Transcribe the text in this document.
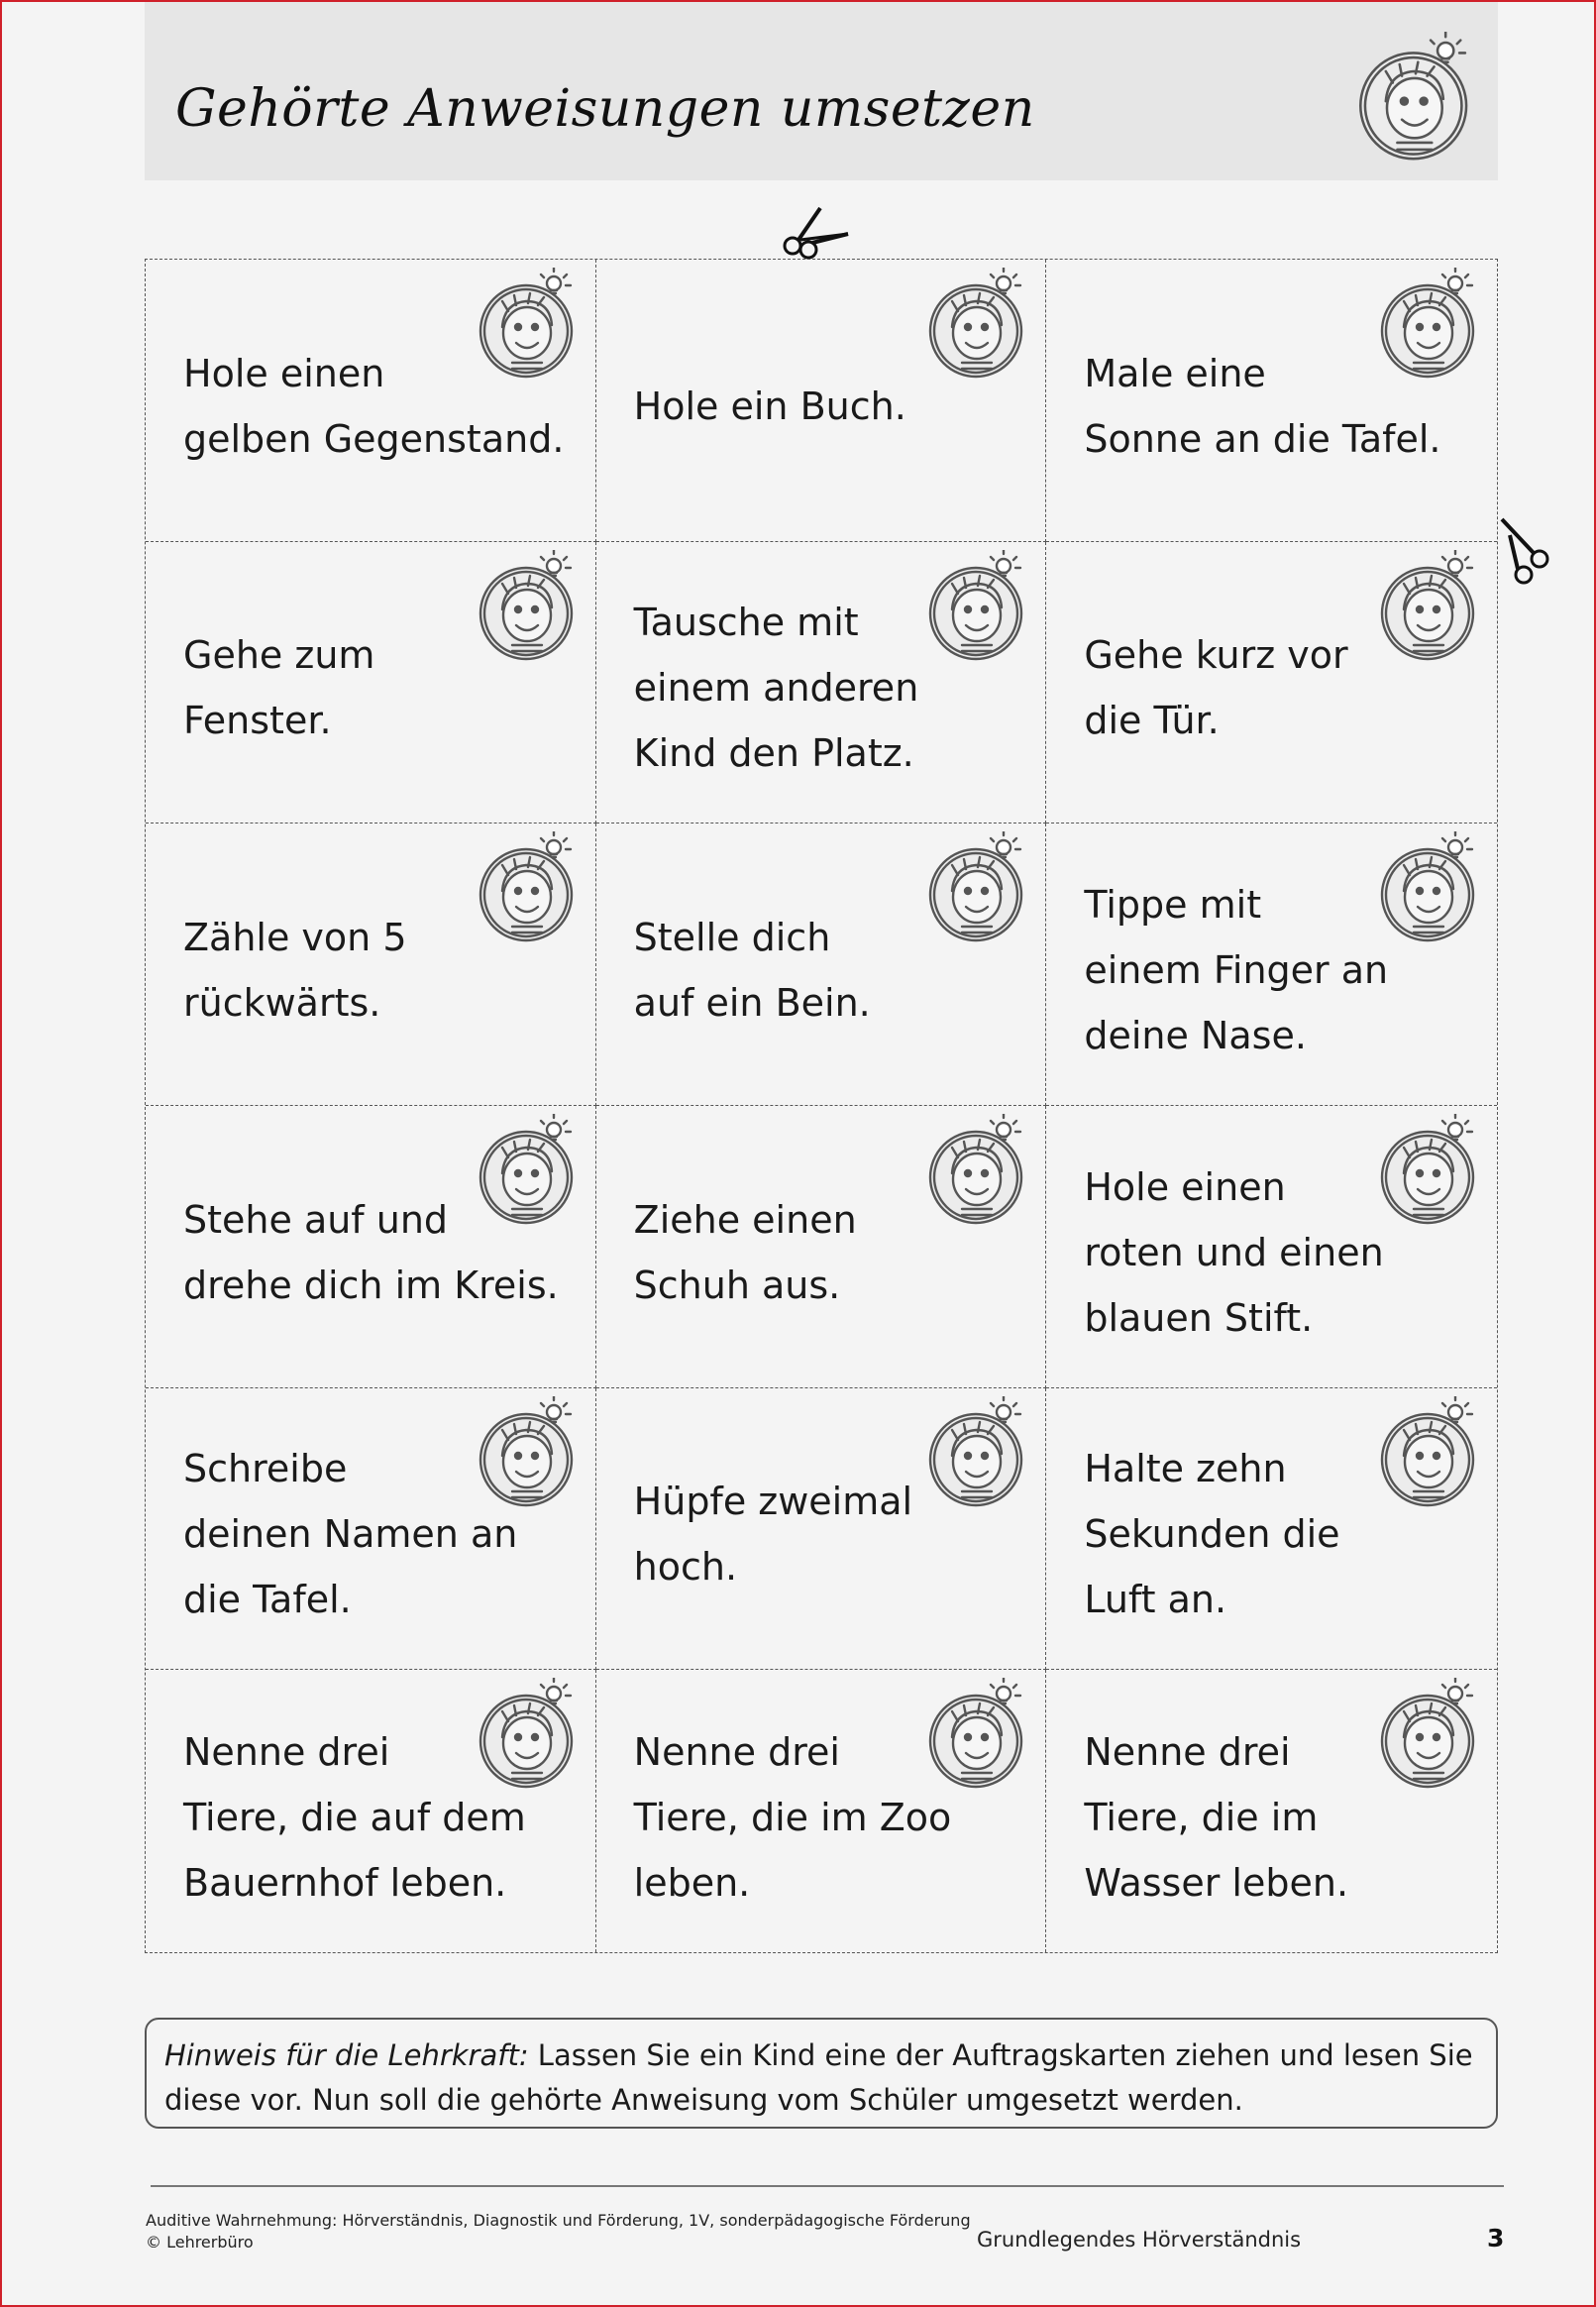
Gehörte Anweisungen umsetzen
Hole einen
gelben Gegenstand.
Hole ein Buch.
Male eine
Sonne an die Tafel.
Gehe zum
Fenster.
Tausche mit
einem anderen
Kind den Platz.
Gehe kurz vor
die Tür.
Zähle von 5
rückwärts.
Stelle dich
auf ein Bein.
Tippe mit
einem Finger an
deine Nase.
Stehe auf und
drehe dich im Kreis.
Ziehe einen
Schuh aus.
Hole einen
roten und einen
blauen Stift.
Schreibe
deinen Namen an
die Tafel.
Hüpfe zweimal
hoch.
Halte zehn
Sekunden die
Luft an.
Nenne drei
Tiere, die auf dem
Bauernhof leben.
Nenne drei
Tiere, die im Zoo
leben.
Nenne drei
Tiere, die im
Wasser leben.
Hinweis für die Lehrkraft: Lassen Sie ein Kind eine der Auftragskarten ziehen und lesen Sie diese vor. Nun soll die gehörte Anweisung vom Schüler umgesetzt werden.
Auditive Wahrnehmung: Hörverständnis, Diagnostik und Förderung, 1V, sonderpädagogische Förderung
© Lehrerbüro	Grundlegendes Hörverständnis	3
